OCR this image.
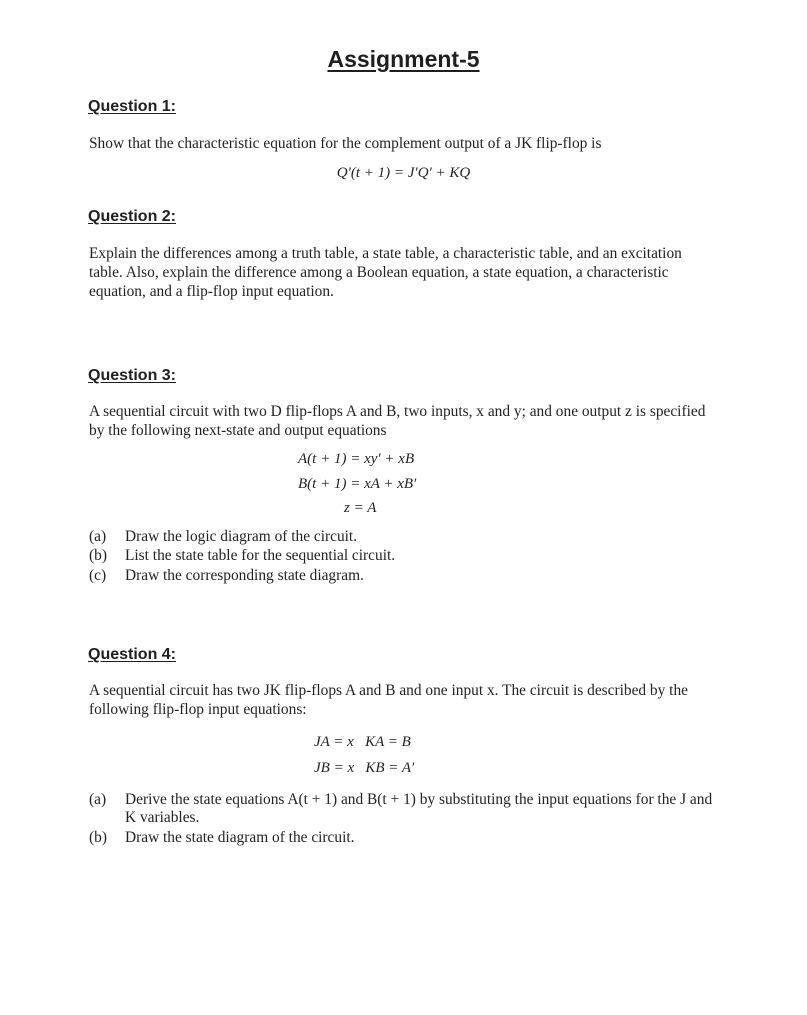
Assignment-5
Question 1:
Show that the characteristic equation for the complement output of a JK flip-flop is
Q′(t + 1) = J′Q′ + KQ
Question 2:
Explain the differences among a truth table, a state table, a characteristic table, and an excitation table. Also, explain the difference among a Boolean equation, a state equation, a characteristic equation, and a flip-flop input equation.
Question 3:
A sequential circuit with two D flip-flops A and B, two inputs, x and y; and one output z is specified by the following next-state and output equations
A(t + 1) = xy′ + xB
B(t + 1) = xA + xB′
z = A
(a)	Draw the logic diagram of the circuit.
(b)	List the state table for the sequential circuit.
(c)	Draw the corresponding state diagram.
Question 4:
A sequential circuit has two JK flip-flops A and B and one input x. The circuit is described by the following flip-flop input equations:
JA = x   KA = B
JB = x   KB = A′
(a)	Derive the state equations A(t + 1) and B(t + 1) by substituting the input equations for the J and K variables.
(b)	Draw the state diagram of the circuit.
